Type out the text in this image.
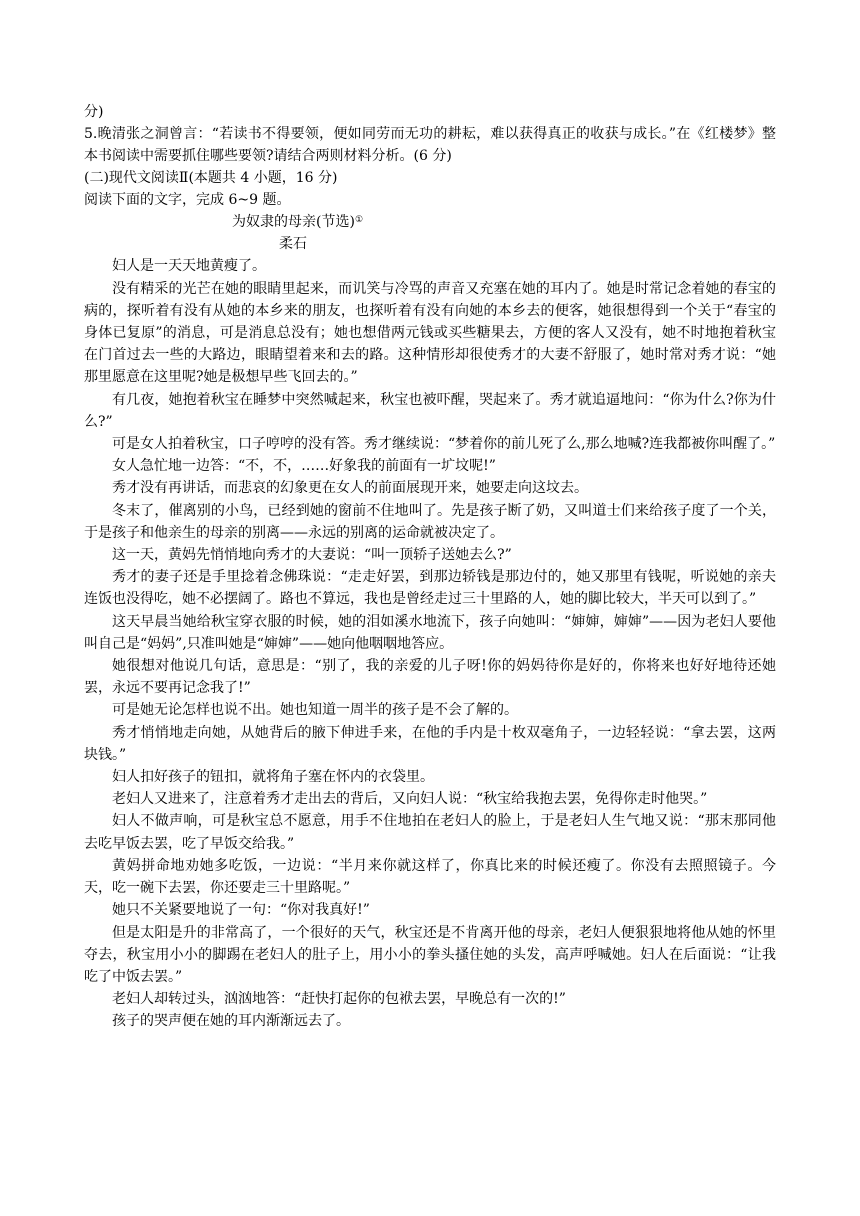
分)

5.晚清张之洞曾言：“若读书不得要领，便如同劳而无功的耕耘，难以获得真正的收获与成长。”在《红楼梦》整本书阅读中需要抓住哪些要领?请结合两则材料分析。(6 分)

(二)现代文阅读Ⅱ(本题共 4 小题，16 分)

阅读下面的文字，完成 6~9 题。

为奴隶的母亲(节选)①

柔石

妇人是一天天地黄瘦了。

没有精采的光芒在她的眼睛里起来，而讥笑与冷骂的声音又充塞在她的耳内了。她是时常记念着她的春宝的病的，探听着有没有从她的本乡来的朋友，也探听着有没有向她的本乡去的便客，她很想得到一个关于“春宝的身体已复原”的消息，可是消息总没有；她也想借两元钱或买些糖果去，方便的客人又没有，她不时地抱着秋宝在门首过去一些的大路边，眼睛望着来和去的路。这种情形却很使秀才的大妻不舒服了，她时常对秀才说：“她那里愿意在这里呢?她是极想早些飞回去的。”

有几夜，她抱着秋宝在睡梦中突然喊起来，秋宝也被吓醒，哭起来了。秀才就追逼地问：“你为什么?你为什么?”

可是女人拍着秋宝，口子哼哼的没有答。秀才继续说：“梦着你的前儿死了么,那么地喊?连我都被你叫醒了。”

女人急忙地一边答：“不，不，……好象我的前面有一圹坟呢!”

秀才没有再讲话，而悲哀的幻象更在女人的前面展现开来，她要走向这坟去。

冬末了，催离别的小鸟，已经到她的窗前不住地叫了。先是孩子断了奶，又叫道士们来给孩子度了一个关，于是孩子和他亲生的母亲的别离——永远的别离的运命就被决定了。

这一天，黄妈先悄悄地向秀才的大妻说：“叫一顶轿子送她去么?”

秀才的妻子还是手里捻着念佛珠说：“走走好罢，到那边轿钱是那边付的，她又那里有钱呢，听说她的亲夫连饭也没得吃，她不必摆阔了。路也不算远，我也是曾经走过三十里路的人，她的脚比较大，半天可以到了。”

这天早晨当她给秋宝穿衣服的时候，她的泪如溪水地流下，孩子向她叫：“婶婶，婶婶”——因为老妇人要他叫自己是“妈妈”,只准叫她是“婶婶”——她向他咽咽地答应。

她很想对他说几句话，意思是：“别了，我的亲爱的儿子呀!你的妈妈待你是好的，你将来也好好地待还她罢，永远不要再记念我了!”

可是她无论怎样也说不出。她也知道一周半的孩子是不会了解的。

秀才悄悄地走向她，从她背后的腋下伸进手来，在他的手内是十枚双毫角子，一边轻轻说：“拿去罢，这两块钱。”

妇人扣好孩子的钮扣，就将角子塞在怀内的衣袋里。

老妇人又进来了，注意着秀才走出去的背后，又向妇人说：“秋宝给我抱去罢，免得你走时他哭。”

妇人不做声响，可是秋宝总不愿意，用手不住地拍在老妇人的脸上，于是老妇人生气地又说：“那末那同他去吃早饭去罢，吃了早饭交给我。”

黄妈拼命地劝她多吃饭，一边说：“半月来你就这样了，你真比来的时候还瘦了。你没有去照照镜子。今天，吃一碗下去罢，你还要走三十里路呢。”

她只不关紧要地说了一句：“你对我真好!”

但是太阳是升的非常高了，一个很好的天气，秋宝还是不肯离开他的母亲，老妇人便狠狠地将他从她的怀里夺去，秋宝用小小的脚踢在老妇人的肚子上，用小小的拳头搔住她的头发，高声呼喊她。妇人在后面说：“让我吃了中饭去罢。”

老妇人却转过头，汹汹地答：“赶快打起你的包袱去罢，早晚总有一次的!”

孩子的哭声便在她的耳内渐渐远去了。
